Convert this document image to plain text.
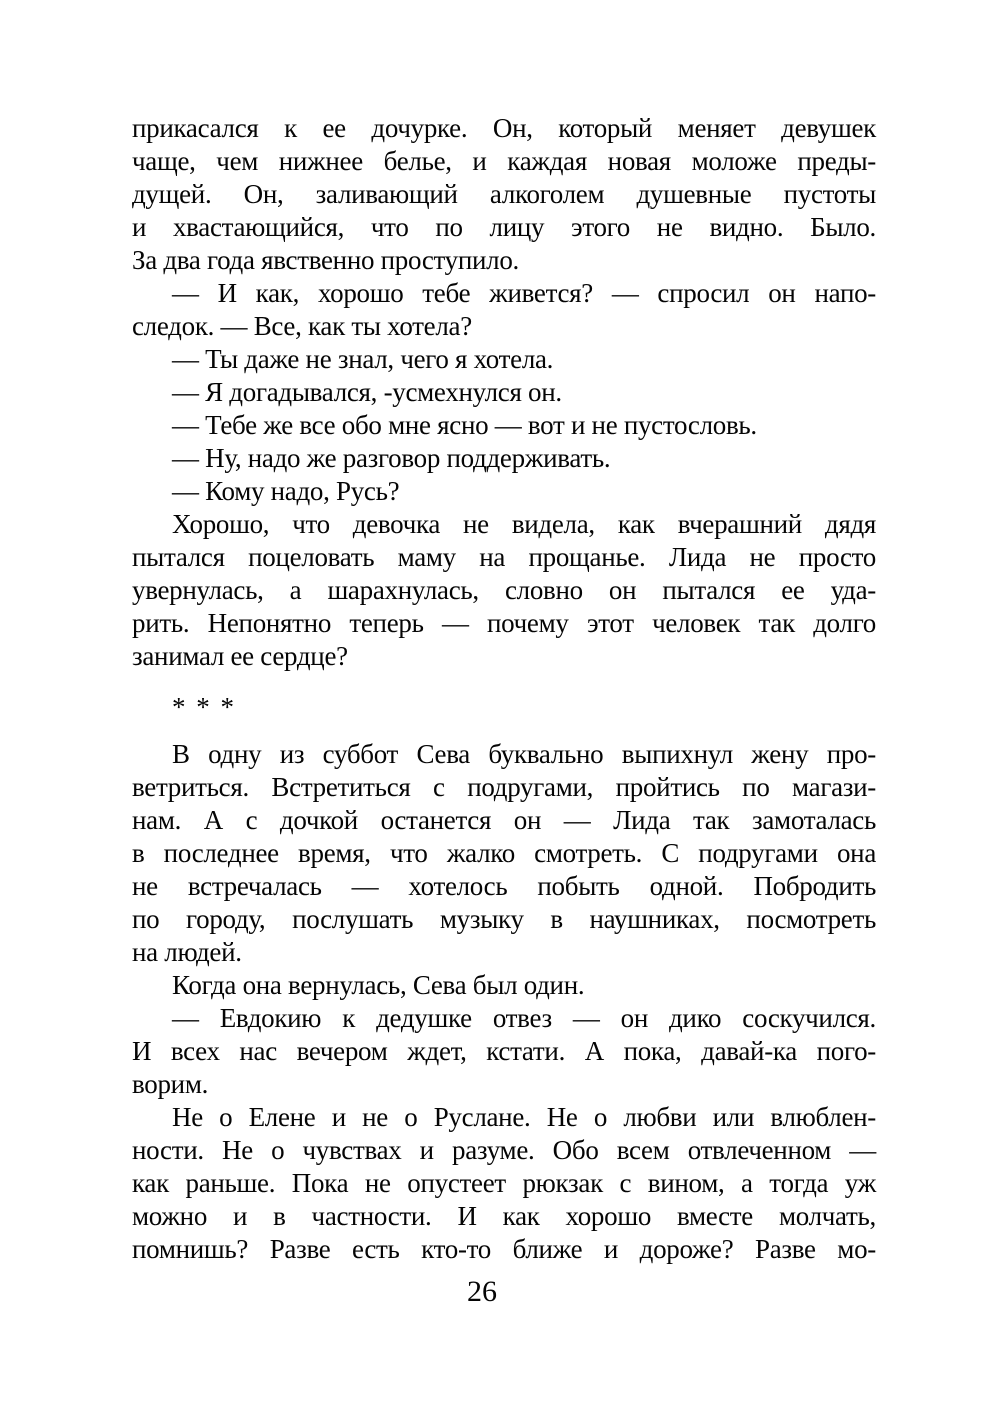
прикасался к ее дочурке. Он, который меняет девушек
чаще, чем нижнее белье, и каждая новая моложе преды-
дущей. Он, заливающий алкоголем душевные пустоты
и хвастающийся, что по лицу этого не видно. Было.
За два года явственно проступило.
— И как, хорошо тебе живется? — спросил он напо-
следок. — Все, как ты хотела?
— Ты даже не знал, чего я хотела.
— Я догадывался, -усмехнулся он.
— Тебе же все обо мне ясно — вот и не пустословь.
— Ну, надо же разговор поддерживать.
— Кому надо, Русь?
Хорошо, что девочка не видела, как вчерашний дядя
пытался поцеловать маму на прощанье. Лида не просто
увернулась, а шарахнулась, словно он пытался ее уда-
рить. Непонятно теперь — почему этот человек так долго
занимал ее сердце?
* * *
В одну из суббот Сева буквально выпихнул жену про-
ветриться. Встретиться с подругами, пройтись по магази-
нам. А с дочкой останется он — Лида так замоталась
в последнее время, что жалко смотреть. С подругами она
не встречалась — хотелось побыть одной. Побродить
по городу, послушать музыку в наушниках, посмотреть
на людей.
Когда она вернулась, Сева был один.
— Евдокию к дедушке отвез — он дико соскучился.
И всех нас вечером ждет, кстати. А пока, давай-ка пого-
ворим.
Не о Елене и не о Руслане. Не о любви или влюблен-
ности. Не о чувствах и разуме. Обо всем отвлеченном —
как раньше. Пока не опустеет рюкзак с вином, а тогда уж
можно и в частности. И как хорошо вместе молчать,
помнишь? Разве есть кто-то ближе и дороже? Разве мо-
26
